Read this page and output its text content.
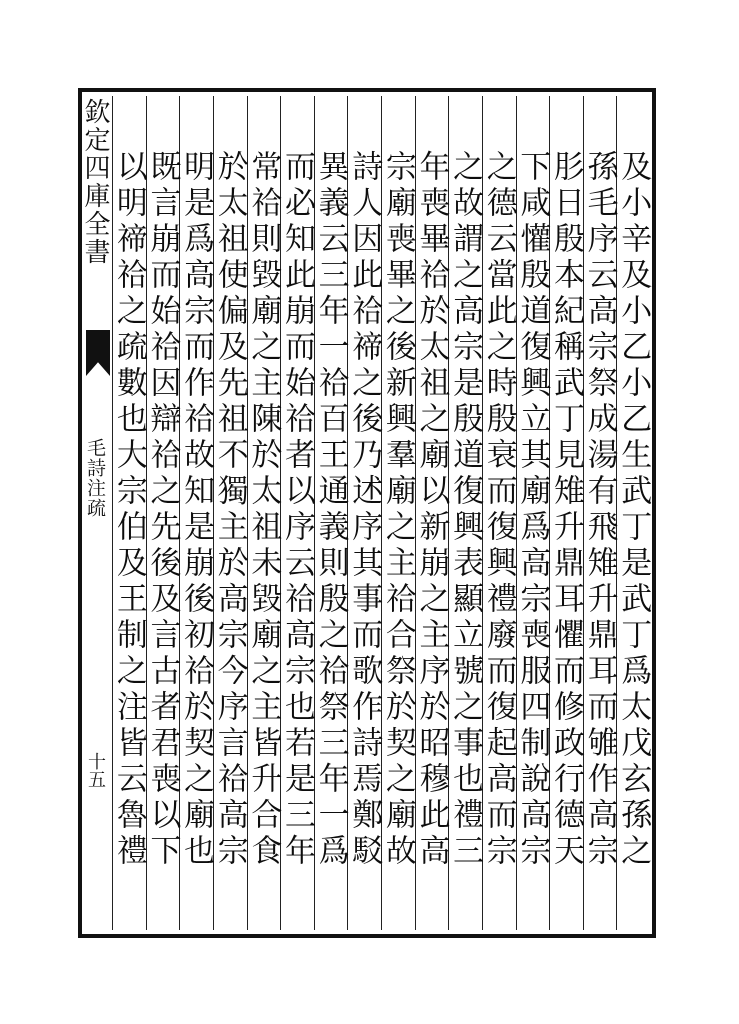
欽定四庫全書
毛詩注疏
十五	及小辛及小乙小乙生武丁是武丁爲太戊玄孫之
孫毛序云高宗祭成湯有飛雉升鼎耳而雊作高宗
肜日殷本紀稱武丁見雉升鼎耳懼而修政行德天
下咸懽殷道復興立其廟爲高宗喪服四制說高宗
之德云當此之時殷衰而復興禮廢而復起高而宗
之故謂之高宗是殷道復興表顯立號之事也禮三
年喪畢祫於太祖之廟以新崩之主序於昭穆此高
宗廟喪畢之後新興羣廟之主祫合祭於契之廟故
詩人因此祫禘之後乃述序其事而歌作詩焉鄭駁
異義云三年一祫百王通義則殷之祫祭三年一爲
而必知此崩而始祫者以序云祫高宗也若是三年
常祫則毀廟之主陳於太祖未毀廟之主皆升合食
於太祖使偏及先祖不獨主於高宗今序言祫高宗
明是爲高宗而作祫故知是崩後初祫於契之廟也
既言崩而始祫因辯祫之先後及言古者君喪以下
以明禘祫之疏數也大宗伯及王制之注皆云魯禮
